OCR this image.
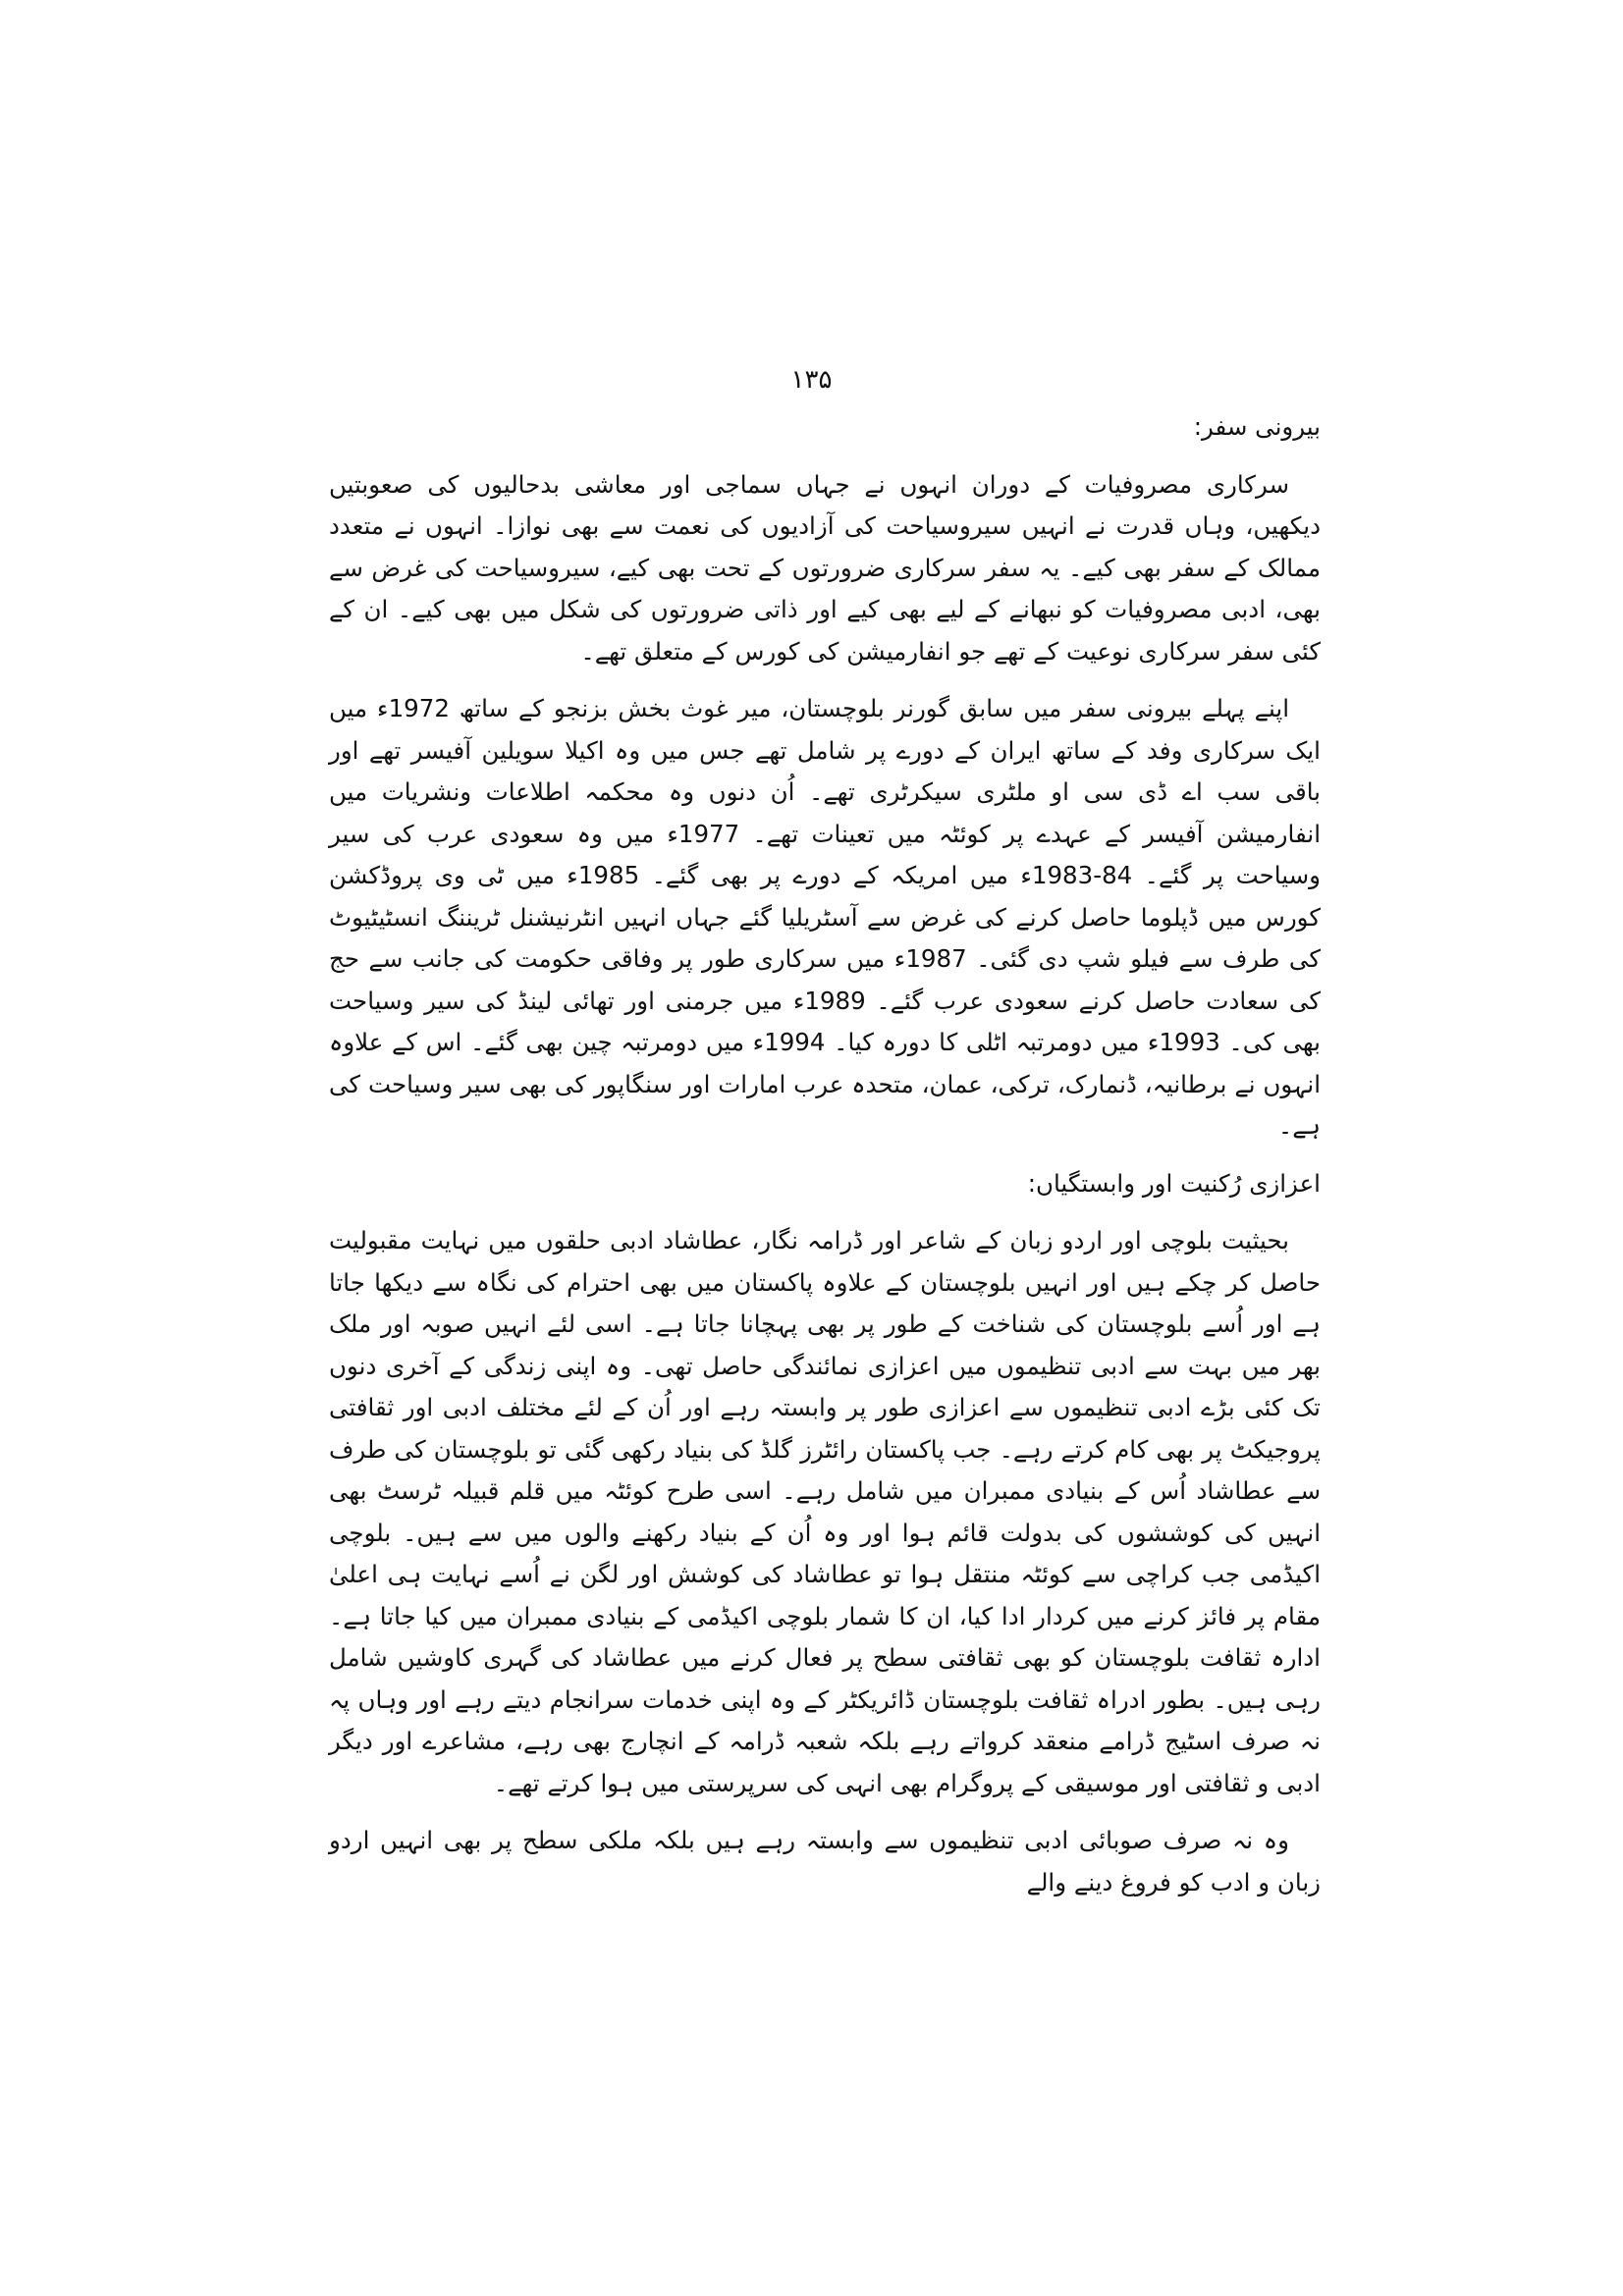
۱۳۵
بیرونی سفر:

سرکاری مصروفیات کے دوران انہوں نے جہاں سماجی اور معاشی بدحالیوں کی صعوبتیں دیکھیں، وہاں قدرت نے انہیں سیروسیاحت کی آزادیوں کی نعمت سے بھی نوازا۔ انہوں نے متعدد ممالک کے سفر بھی کیے۔ یہ سفر سرکاری ضرورتوں کے تحت بھی کیے، سیروسیاحت کی غرض سے بھی، ادبی مصروفیات کو نبھانے کے لیے بھی کیے اور ذاتی ضرورتوں کی شکل میں بھی کیے۔ ان کے کئی سفر سرکاری نوعیت کے تھے جو انفارمیشن کی کورس کے متعلق تھے۔

اپنے پہلے بیرونی سفر میں سابق گورنر بلوچستان، میر غوث بخش بزنجو کے ساتھ 1972ء میں ایک سرکاری وفد کے ساتھ ایران کے دورے پر شامل تھے جس میں وہ اکیلا سویلین آفیسر تھے اور باقی سب اے ڈی سی او ملٹری سیکرٹری تھے۔ اُن دنوں وہ محکمہ اطلاعات ونشریات میں انفارمیشن آفیسر کے عہدے پر کوئٹہ میں تعینات تھے۔ 1977ء میں وہ سعودی عرب کی سیر وسیاحت پر گئے۔ 84-1983ء میں امریکہ کے دورے پر بھی گئے۔ 1985ء میں ٹی وی پروڈکشن کورس میں ڈپلوما حاصل کرنے کی غرض سے آسٹریلیا گئے جہاں انہیں انٹرنیشنل ٹریننگ انسٹیٹیوٹ کی طرف سے فیلو شپ دی گئی۔ 1987ء میں سرکاری طور پر وفاقی حکومت کی جانب سے حج کی سعادت حاصل کرنے سعودی عرب گئے۔ 1989ء میں جرمنی اور تھائی لینڈ کی سیر وسیاحت بھی کی۔ 1993ء میں دومرتبہ اٹلی کا دورہ کیا۔ 1994ء میں دومرتبہ چین بھی گئے۔ اس کے علاوہ انہوں نے برطانیہ، ڈنمارک، ترکی، عمان، متحدہ عرب امارات اور سنگاپور کی بھی سیر وسیاحت کی ہے۔

اعزازی رُکنیت اور وابستگیاں:

بحیثیت بلوچی اور اردو زبان کے شاعر اور ڈرامہ نگار، عطاشاد ادبی حلقوں میں نہایت مقبولیت حاصل کر چکے ہیں اور انہیں بلوچستان کے علاوہ پاکستان میں بھی احترام کی نگاہ سے دیکھا جاتا ہے اور اُسے بلوچستان کی شناخت کے طور پر بھی پہچانا جاتا ہے۔ اسی لئے انہیں صوبہ اور ملک بھر میں بہت سے ادبی تنظیموں میں اعزازی نمائندگی حاصل تھی۔ وہ اپنی زندگی کے آخری دنوں تک کئی بڑے ادبی تنظیموں سے اعزازی طور پر وابستہ رہے اور اُن کے لئے مختلف ادبی اور ثقافتی پروجیکٹ پر بھی کام کرتے رہے۔ جب پاکستان رائٹرز گلڈ کی بنیاد رکھی گئی تو بلوچستان کی طرف سے عطاشاد اُس کے بنیادی ممبران میں شامل رہے۔ اسی طرح کوئٹہ میں قلم قبیلہ ٹرسٹ بھی انہیں کی کوششوں کی بدولت قائم ہوا اور وہ اُن کے بنیاد رکھنے والوں میں سے ہیں۔ بلوچی اکیڈمی جب کراچی سے کوئٹہ منتقل ہوا تو عطاشاد کی کوشش اور لگن نے اُسے نہایت ہی اعلیٰ مقام پر فائز کرنے میں کردار ادا کیا، ان کا شمار بلوچی اکیڈمی کے بنیادی ممبران میں کیا جاتا ہے۔ ادارہ ثقافت بلوچستان کو بھی ثقافتی سطح پر فعال کرنے میں عطاشاد کی گہری کاوشیں شامل رہی ہیں۔ بطور ادراہ ثقافت بلوچستان ڈائریکٹر کے وہ اپنی خدمات سرانجام دیتے رہے اور وہاں پہ نہ صرف اسٹیج ڈرامے منعقد کرواتے رہے بلکہ شعبہ ڈرامہ کے انچارج بھی رہے، مشاعرے اور دیگر ادبی و ثقافتی اور موسیقی کے پروگرام بھی انہی کی سرپرستی میں ہوا کرتے تھے۔

وہ نہ صرف صوبائی ادبی تنظیموں سے وابستہ رہے ہیں بلکہ ملکی سطح پر بھی انہیں اردو زبان و ادب کو فروغ دینے والے
